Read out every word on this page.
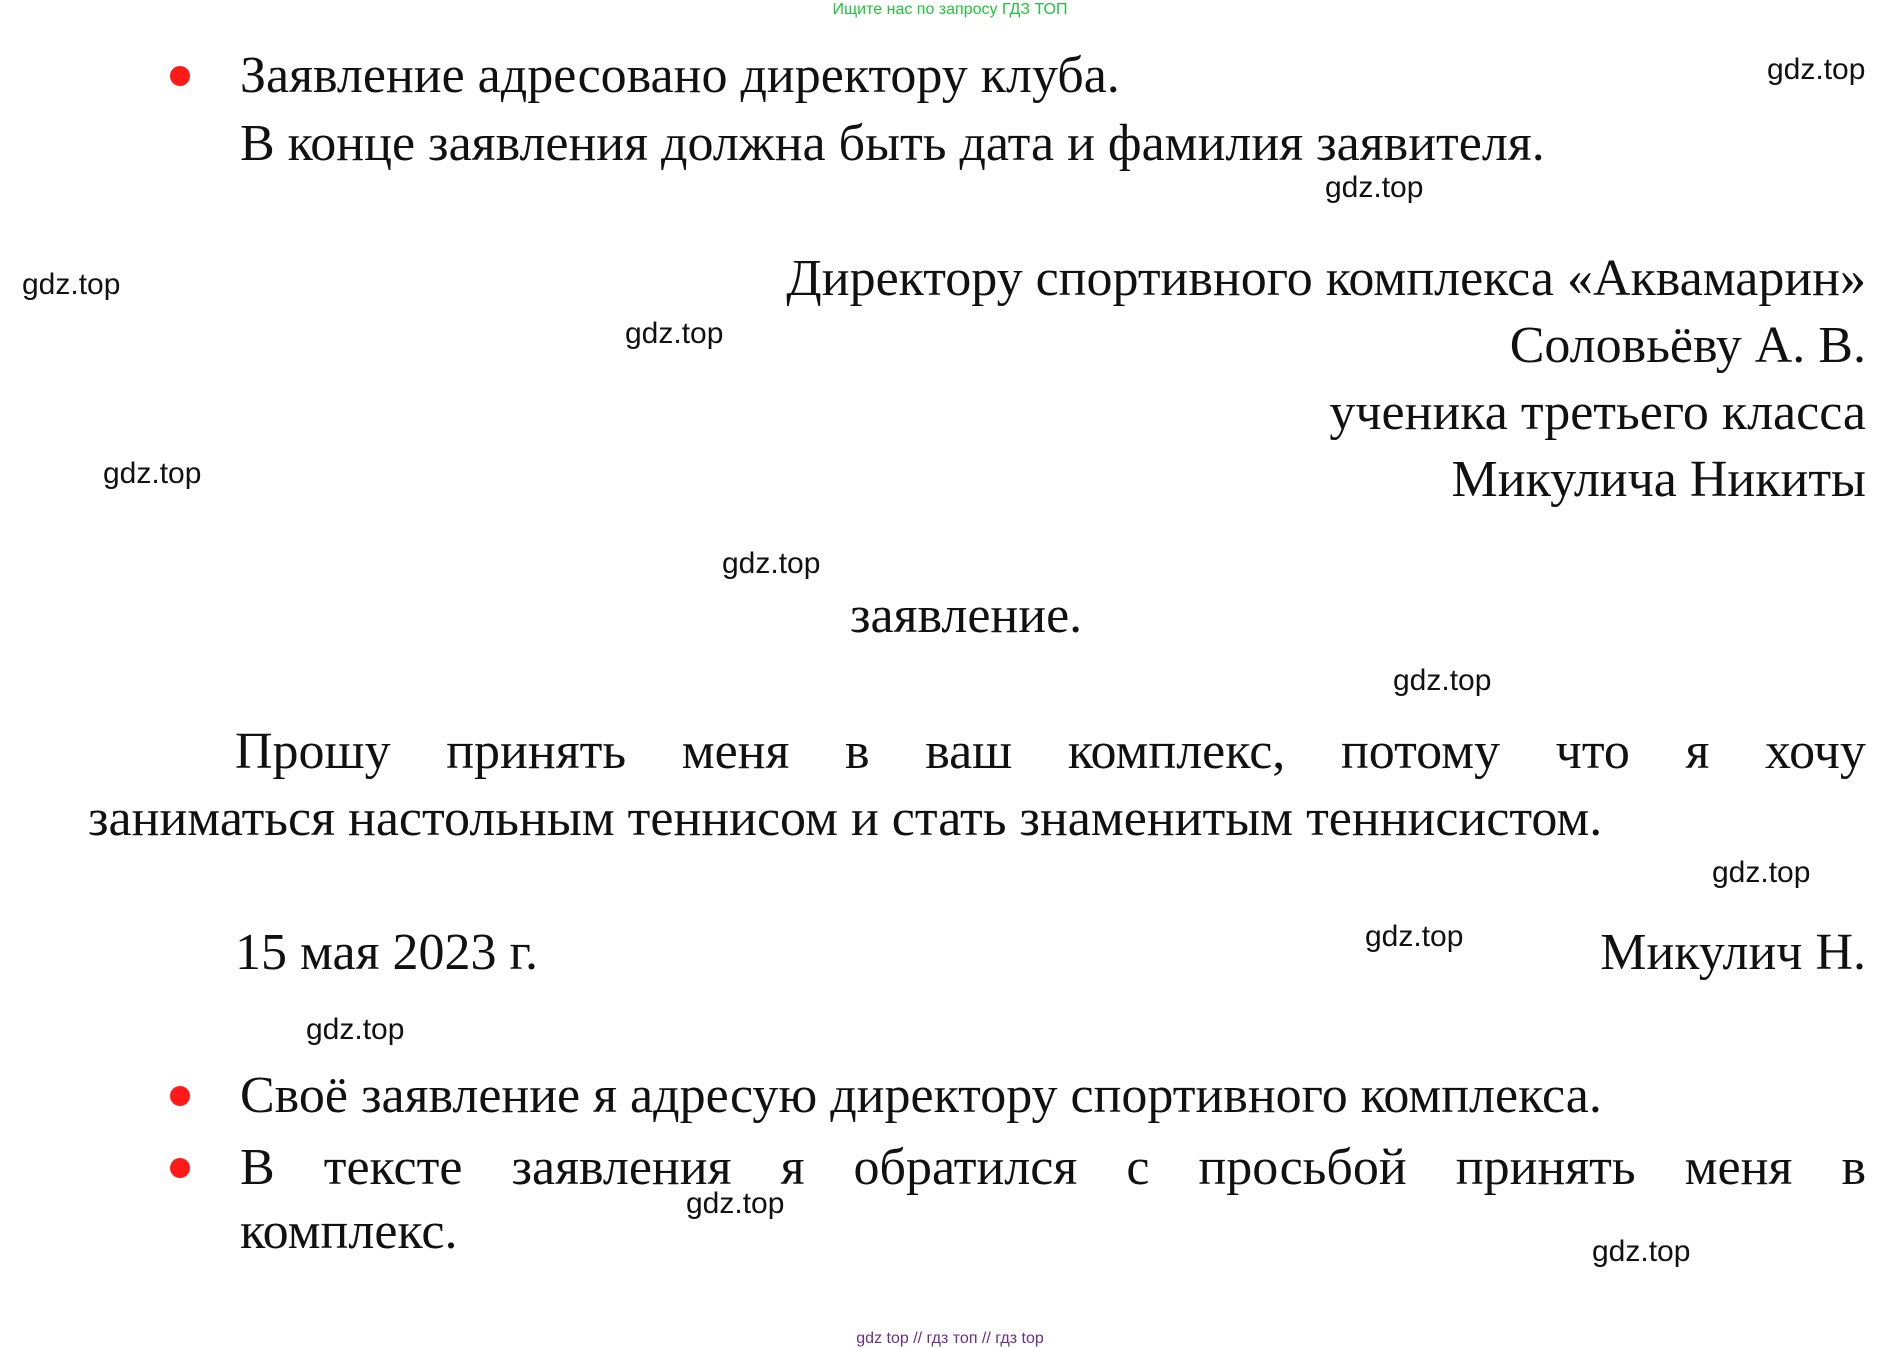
Ищите нас по запросу ГДЗ ТОП
Заявление адресовано директору клуба.
В конце заявления должна быть дата и фамилия заявителя.
Директору спортивного комплекса «Аквамарин»
Соловьёву А. В.
ученика третьего класса
Микулича Никиты
заявление.
Прошу принять меня в ваш комплекс, потому что я хочу
заниматься настольным теннисом и стать знаменитым теннисистом.
15 мая 2023 г.	Микулич Н.
Своё заявление я адресую директору спортивного комплекса.
В тексте заявления я обратился с просьбой принять меня в
комплекс.
gdz.top
gdz.top
gdz.top
gdz.top
gdz.top
gdz.top
gdz.top
gdz.top
gdz.top
gdz.top
gdz.top
gdz.top
gdz top // гдз топ // гдз top
